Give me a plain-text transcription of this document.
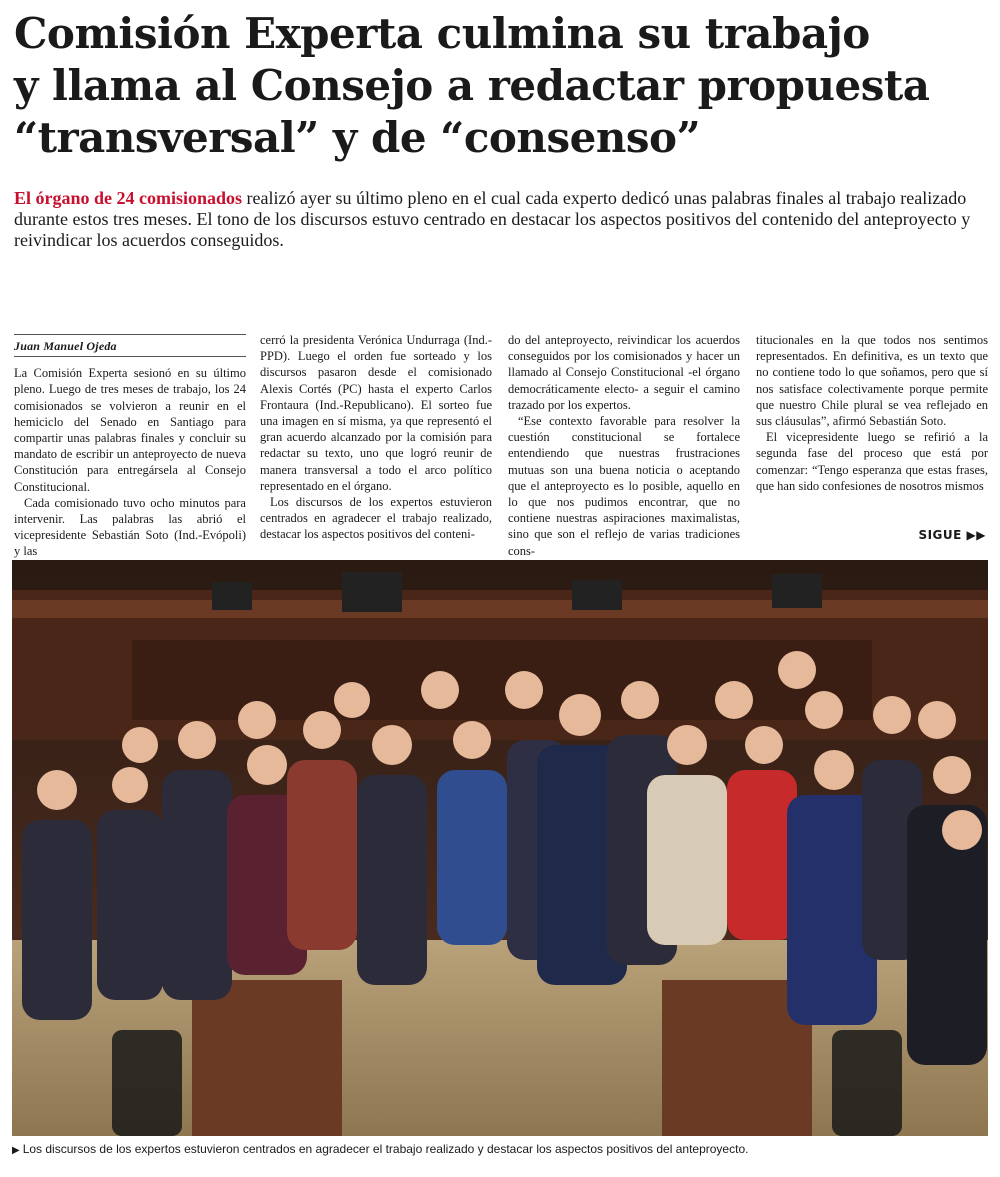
Comisión Experta culmina su trabajo
y llama al Consejo a redactar propuesta
“transversal” y de “consenso”

El órgano de 24 comisionados realizó ayer su último pleno en el cual cada experto dedicó unas palabras finales al trabajo realizado durante estos tres meses. El tono de los discursos estuvo centrado en destacar los aspectos positivos del contenido del anteproyecto y reivindicar los acuerdos conseguidos.

Juan Manuel Ojeda

La Comisión Experta sesionó en su último pleno. Luego de tres meses de trabajo, los 24 comisionados se volvieron a reunir en el hemiciclo del Senado en Santiago para compartir unas palabras finales y concluir su mandato de escribir un anteproyecto de nueva Constitución para entregársela al Consejo Constitucional.

Cada comisionado tuvo ocho minutos para intervenir. Las palabras las abrió el vicepresidente Sebastián Soto (Ind.-Evópoli) y las

cerró la presidenta Verónica Undurraga (Ind.-PPD). Luego el orden fue sorteado y los discursos pasaron desde el comisionado Alexis Cortés (PC) hasta el experto Carlos Frontaura (Ind.-Republicano). El sorteo fue una imagen en sí misma, ya que representó el gran acuerdo alcanzado por la comisión para redactar su texto, uno que logró reunir de manera transversal a todo el arco político representado en el órgano.

Los discursos de los expertos estuvieron centrados en agradecer el trabajo realizado, destacar los aspectos positivos del conteni-

do del anteproyecto, reivindicar los acuerdos conseguidos por los comisionados y hacer un llamado al Consejo Constitucional -el órgano democráticamente electo- a seguir el camino trazado por los expertos.

“Ese contexto favorable para resolver la cuestión constitucional se fortalece entendiendo que nuestras frustraciones mutuas son una buena noticia o aceptando que el anteproyecto es lo posible, aquello en lo que nos pudimos encontrar, que no contiene nuestras aspiraciones maximalistas, sino que son el reflejo de varias tradiciones cons-

titucionales en la que todos nos sentimos representados. En definitiva, es un texto que no contiene todo lo que soñamos, pero que sí nos satisface colectivamente porque permite que nuestro Chile plural se vea reflejado en sus cláusulas”, afirmó Sebastián Soto.

El vicepresidente luego se refirió a la segunda fase del proceso que está por comenzar: “Tengo esperanza que estas frases, que han sido confesiones de nosotros mismos

SIGUE ▶▶
▶ Los discursos de los expertos estuvieron centrados en agradecer el trabajo realizado y destacar los aspectos positivos del anteproyecto.
